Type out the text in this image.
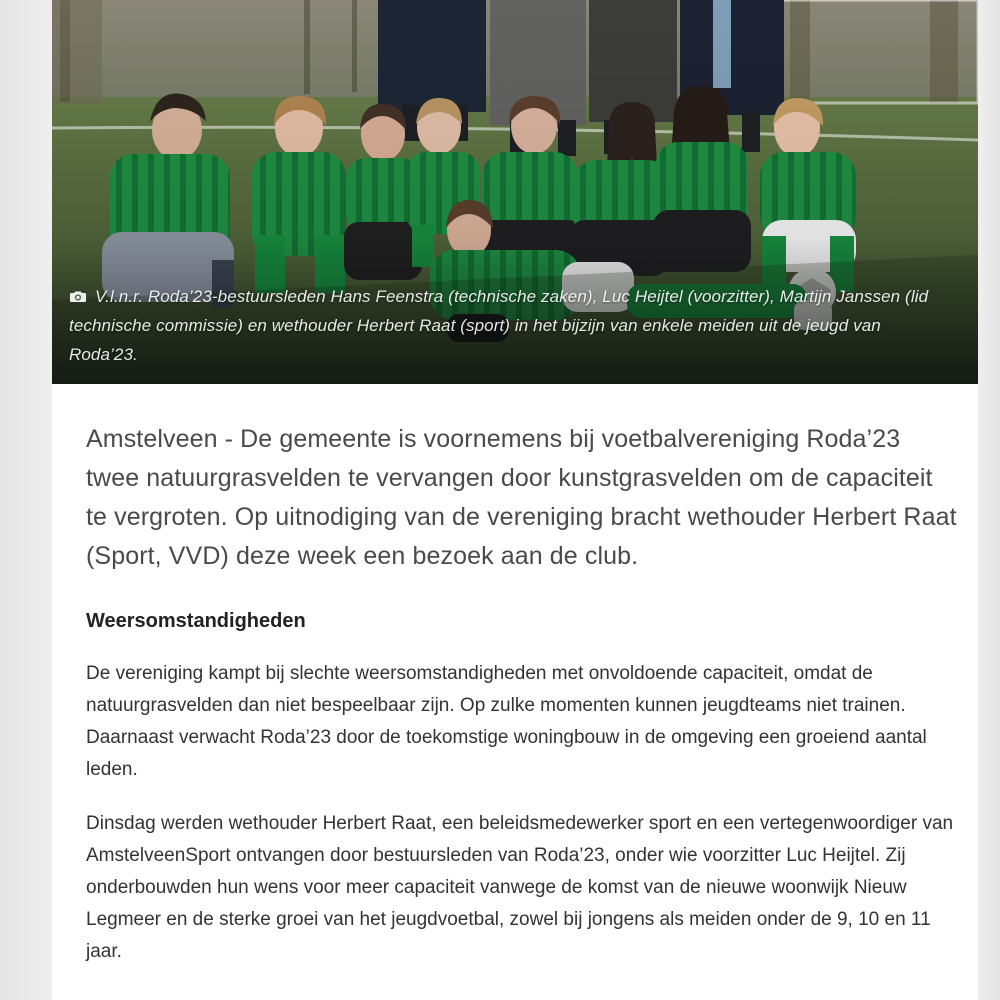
V.l.n.r. Roda’23-bestuursleden Hans Feenstra (technische zaken), Luc Heijtel (voorzitter), Martijn Janssen (lid technische commissie) en wethouder Herbert Raat (sport) in het bijzijn van enkele meiden uit de jeugd van Roda’23.

Amstelveen - De gemeente is voornemens bij voetbalvereniging Roda’23 twee natuurgrasvelden te vervangen door kunstgrasvelden om de capaciteit te vergroten. Op uitnodiging van de vereniging bracht wethouder Herbert Raat (Sport, VVD) deze week een bezoek aan de club.

Weersomstandigheden

De vereniging kampt bij slechte weersomstandigheden met onvoldoende capaciteit, omdat de natuurgrasvelden dan niet bespeelbaar zijn. Op zulke momenten kunnen jeugdteams niet trainen. Daarnaast verwacht Roda’23 door de toekomstige woningbouw in de omgeving een groeiend aantal leden.

Dinsdag werden wethouder Herbert Raat, een beleidsmedewerker sport en een vertegenwoordiger van AmstelveenSport ontvangen door bestuursleden van Roda’23, onder wie voorzitter Luc Heijtel. Zij onderbouwden hun wens voor meer capaciteit vanwege de komst van de nieuwe woonwijk Nieuw Legmeer en de sterke groei van het jeugdvoetbal, zowel bij jongens als meiden onder de 9, 10 en 11 jaar.
